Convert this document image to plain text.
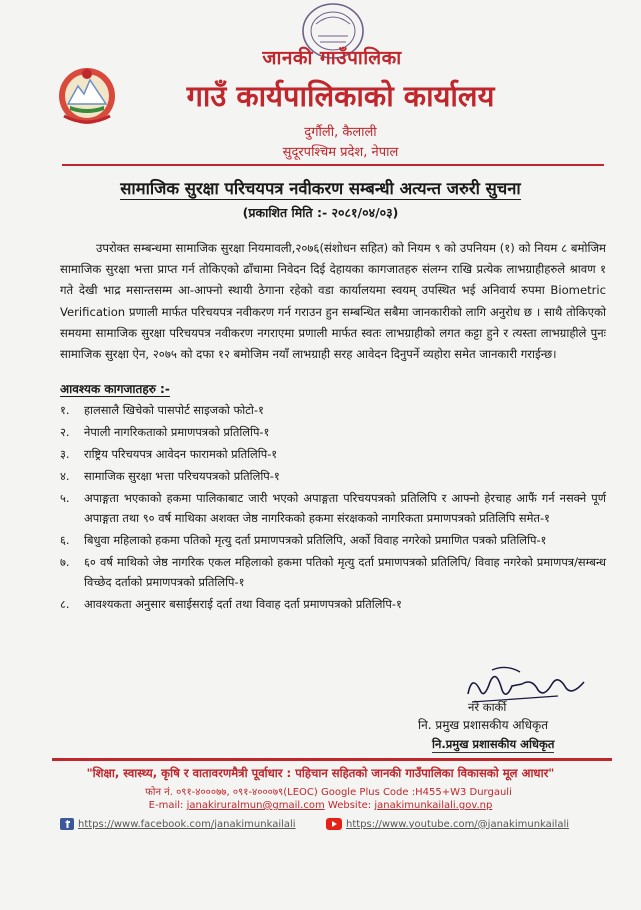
जानकी गाउँपालिका
गाउँ कार्यपालिकाको कार्यालय
दुर्गौली, कैलाली
सुदूरपश्चिम प्रदेश, नेपाल
सामाजिक सुरक्षा परिचयपत्र नवीकरण सम्बन्धी अत्यन्त जरुरी सुचना
(प्रकाशित मिति :- २०८१/०४/०३)

उपरोक्त सम्बन्धमा सामाजिक सुरक्षा नियमावली,२०७६(संशोधन सहित) को नियम ९ को उपनियम (१) को नियम ८ बमोजिम सामाजिक सुरक्षा भत्ता प्राप्त गर्न तोकिएको ढाँचामा निवेदन दिई देहायका कागजातहरु संलग्न राखि प्रत्येक लाभग्राहीहरुले श्रावण १ गते देखी भाद्र मसान्तसम्म आ-आफ्नो स्थायी ठेगाना रहेको वडा कार्यालयमा स्वयम् उपस्थित भई अनिवार्य रुपमा Biometric Verification प्रणाली मार्फत परिचयपत्र नवीकरण गर्न गराउन हुन सम्बन्धित सबैमा जानकारीको लागि अनुरोध छ । साथै तोकिएको समयमा सामाजिक सुरक्षा परिचयपत्र नवीकरण नगराएमा प्रणाली मार्फत स्वतः लाभग्राहीको लगत कट्टा हुने र त्यस्ता लाभग्राहीले पुनः सामाजिक सुरक्षा ऐन, २०७५ को दफा १२ बमोजिम नयाँ लाभग्राही सरह आवेदन दिनुपर्ने व्यहोरा समेत जानकारी गराईन्छ।

आवश्यक कागजातहरु :-
१. हालसालै खिचेको पासपोर्ट साइजको फोटो-१
२. नेपाली नागरिकताको प्रमाणपत्रको प्रतिलिपि-१
३. राष्ट्रिय परिचयपत्र आवेदन फारामको प्रतिलिपि-१
४. सामाजिक सुरक्षा भत्ता परिचयपत्रको प्रतिलिपि-१
५. अपाङ्गता भएकाको हकमा पालिकाबाट जारी भएको अपाङ्गता परिचयपत्रको प्रतिलिपि र आफ्नो हेरचाह आफैं गर्न नसक्ने पूर्ण अपाङ्गता तथा ९० वर्ष माथिका अशक्त जेष्ठ नागरिकको हकमा संरक्षकको नागरिकता प्रमाणपत्रको प्रतिलिपि समेत-१
६. बिधुवा महिलाको हकमा पतिको मृत्यु दर्ता प्रमाणपत्रको प्रतिलिपि, अर्को विवाह नगरेको प्रमाणित पत्रको प्रतिलिपि-१
७. ६० वर्ष माथिको जेष्ठ नागरिक एकल महिलाको हकमा पतिको मृत्यु दर्ता प्रमाणपत्रको प्रतिलिपि/ विवाह नगरेको प्रमाणपत्र/सम्बन्ध विच्छेद दर्ताको प्रमाणपत्रको प्रतिलिपि-१
८. आवश्यकता अनुसार बसाईसराई दर्ता तथा विवाह दर्ता प्रमाणपत्रको प्रतिलिपि-१
नरे कार्की
नि. प्रमुख प्रशासकीय अधिकृत
नि.प्रमुख प्रशासकीय अधिकृत
"शिक्षा, स्वास्थ्य, कृषि र वातावरणमैत्री पूर्वाधार : पहिचान सहितको जानकी गाउँपालिका विकासको मूल आधार"
फोन नं. ०९१-४०००७७, ०९१-४०००७९(LEOC) Google Plus Code :H455+W3 Durgauli
E-mail: janakiruralmun@gmail.com Website: janakimunkailali.gov.np
https://www.facebook.com/janakimunkailali	https://www.youtube.com/@janakimunkailali
